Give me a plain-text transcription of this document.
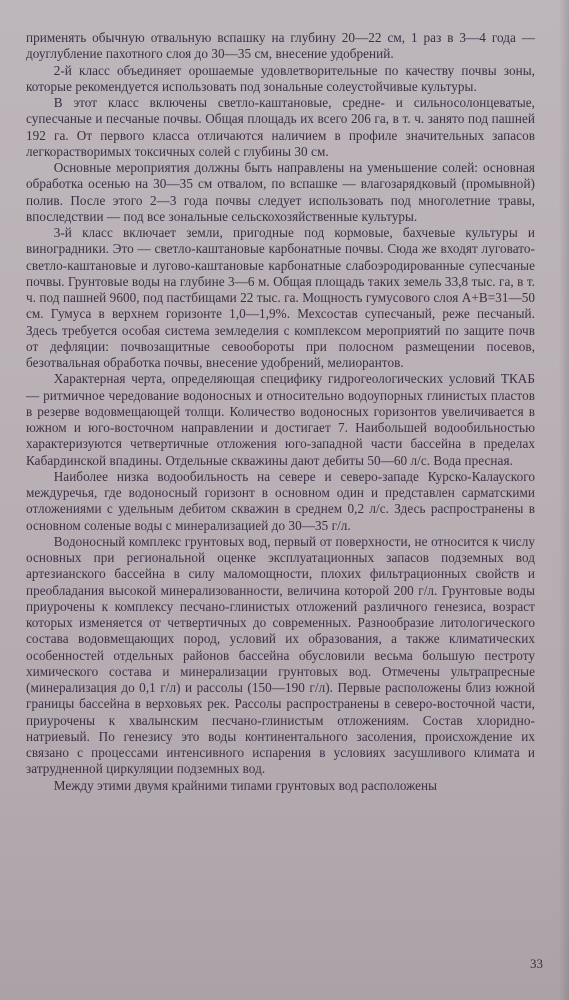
применять обычную отвальную вспашку на глубину 20—22 см, 1 раз в 3—4 года — доуглубление пахотного слоя до 30—35 см, внесение удобрений.

2-й класс объединяет орошаемые удовлетворительные по качеству почвы зоны, которые рекомендуется использовать под зональные солеустойчивые культуры.

В этот класс включены светло-каштановые, средне- и сильносолонцеватые, супесчаные и песчаные почвы. Общая площадь их всего 206 га, в т. ч. занято под пашней 192 га. От первого класса отличаются наличием в профиле значительных запасов легкорастворимых токсичных солей с глубины 30 см.

Основные мероприятия должны быть направлены на уменьшение солей: основная обработка осенью на 30—35 см отвалом, по вспашке — влагозарядковый (промывной) полив. После этого 2—3 года почвы следует использовать под многолетние травы, впоследствии — под все зональные сельскохозяйственные культуры.

3-й класс включает земли, пригодные под кормовые, бахчевые культуры и виноградники. Это — светло-каштановые карбонатные почвы. Сюда же входят луговато-светло-каштановые и лугово-каштановые карбонатные слабоэродированные супесчаные почвы. Грунтовые воды на глубине 3—6 м. Общая площадь таких земель 33,8 тыс. га, в т. ч. под пашней 9600, под пастбищами 22 тыс. га. Мощность гумусового слоя А+В=31—50 см. Гумуса в верхнем горизонте 1,0—1,9%. Мехсостав супесчаный, реже песчаный. Здесь требуется особая система земледелия с комплексом мероприятий по защите почв от дефляции: почвозащитные севообороты при полосном размещении посевов, безотвальная обработка почвы, внесение удобрений, мелиорантов.

Характерная черта, определяющая специфику гидрогеологических условий ТКАБ — ритмичное чередование водоносных и относительно водоупорных глинистых пластов в резерве водовмещающей толщи. Количество водоносных горизонтов увеличивается в южном и юго-восточном направлении и достигает 7. Наибольшей водообильностью характеризуются четвертичные отложения юго-западной части бассейна в пределах Кабардинской впадины. Отдельные скважины дают дебиты 50—60 л/с. Вода пресная.

Наиболее низка водообильность на севере и северо-западе Курско-Калауского междуречья, где водоносный горизонт в основном один и представлен сарматскими отложениями с удельным дебитом скважин в среднем 0,2 л/с. Здесь распространены в основном соленые воды с минерализацией до 30—35 г/л.

Водоносный комплекс грунтовых вод, первый от поверхности, не относится к числу основных при региональной оценке эксплуатационных запасов подземных вод артезианского бассейна в силу маломощности, плохих фильтрационных свойств и преобладания высокой минерализованности, величина которой 200 г/л. Грунтовые воды приурочены к комплексу песчано-глинистых отложений различного генезиса, возраст которых изменяется от четвертичных до современных. Разнообразие литологического состава водовмещающих пород, условий их образования, а также климатических особенностей отдельных районов бассейна обусловили весьма большую пестроту химического состава и минерализации грунтовых вод. Отмечены ультрапресные (минерализация до 0,1 г/л) и рассолы (150—190 г/л). Первые расположены близ южной границы бассейна в верховьях рек. Рассолы распространены в северо-восточной части, приурочены к хвалынским песчано-глинистым отложениям. Состав хлоридно-натриевый. По генезису это воды континентального засоления, происхождение их связано с процессами интенсивного испарения в условиях засушливого климата и затрудненной циркуляции подземных вод.

Между этими двумя крайними типами грунтовых вод расположены

33
